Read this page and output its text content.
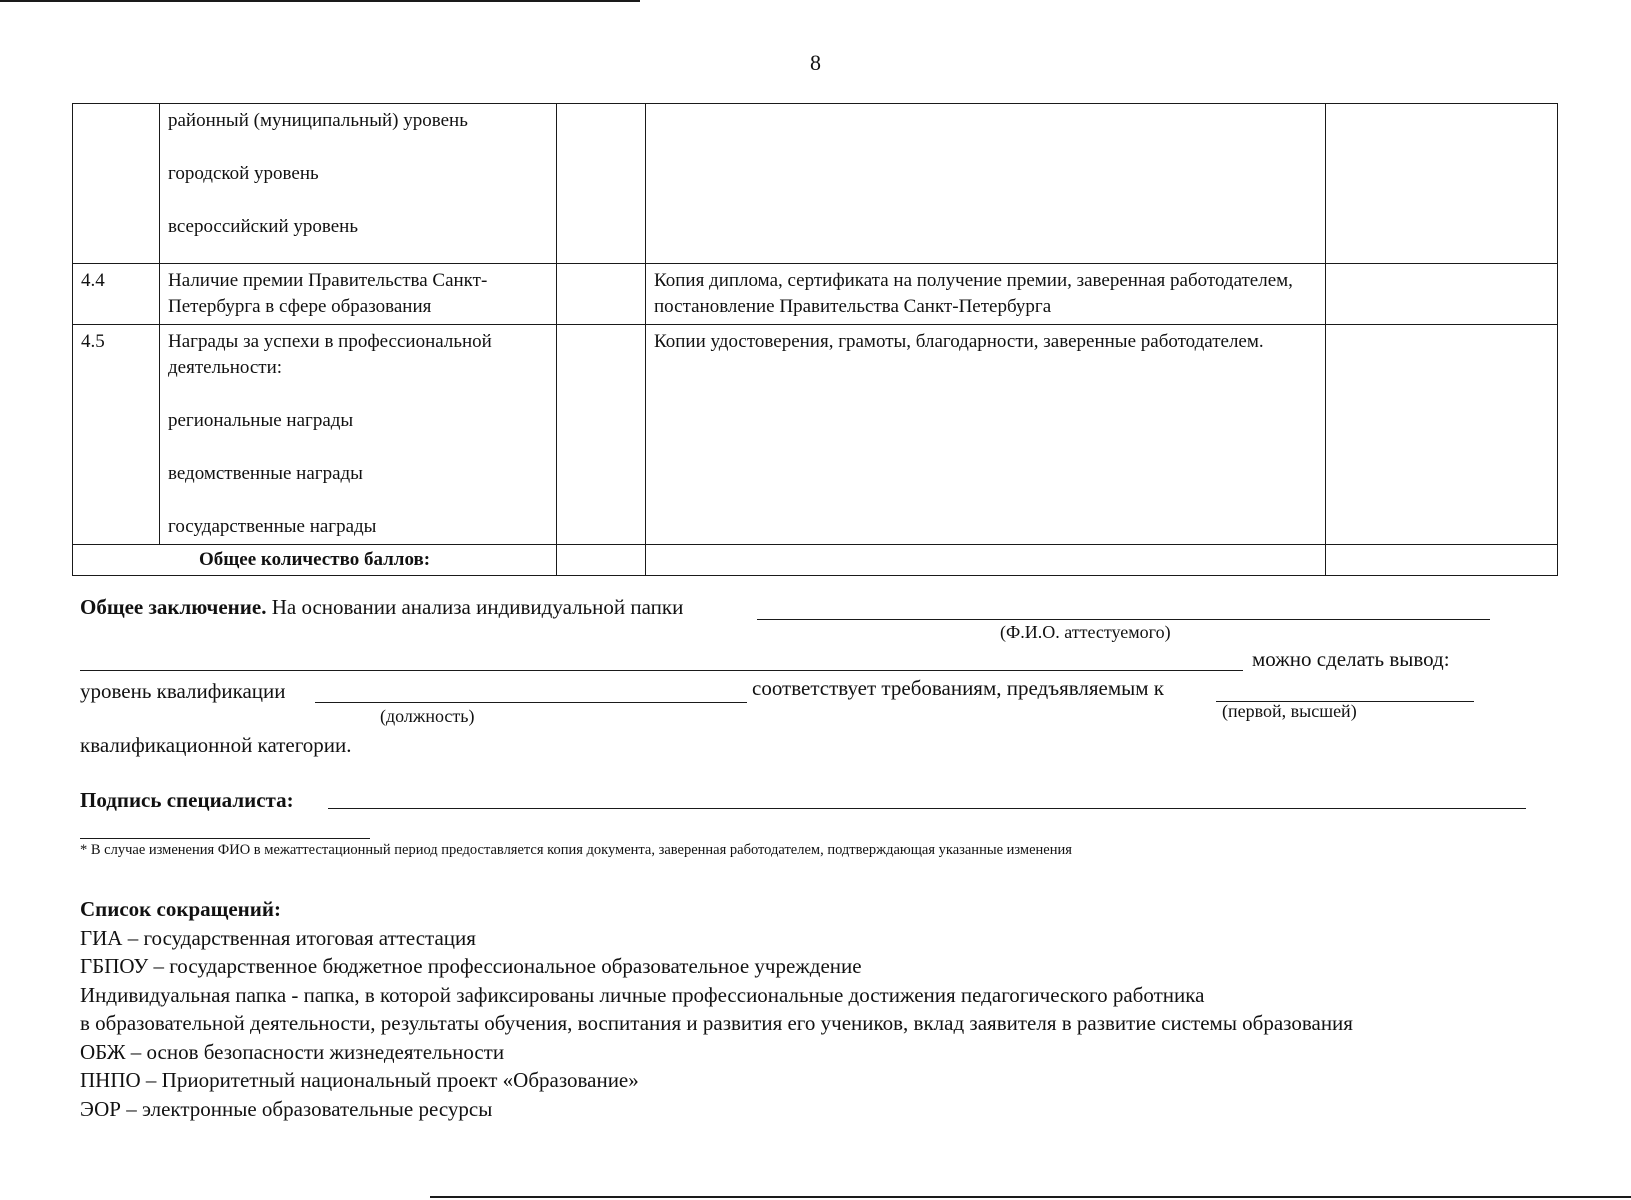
8

	районный (муниципальный) уровень
городской уровень
всероссийский уровень			

4.4	Наличие премии Правительства Санкт-Петербурга в сфере образования		Копия диплома, сертификата на получение премии, заверенная работодателем, постановление Правительства Санкт-Петербурга	
4.5	Награды за успехи в профессиональной деятельности:
региональные награды
ведомственные награды
государственные награды		Копии удостоверения, грамоты, благодарности, заверенные работодателем.	
Общее количество баллов:				
Общее заключение. На основании анализа индивидуальной папки
(Ф.И.О. аттестуемого)
можно сделать вывод:
уровень квалификации	соответствует требованиям, предъявляемым к
(должность)	(первой, высшей)
квалификационной категории.
Подпись специалиста:
* В случае изменения ФИО в межаттестационный период предоставляется копия документа, заверенная работодателем, подтверждающая указанные изменения
Список сокращений:
ГИА – государственная итоговая аттестация
ГБПОУ – государственное бюджетное профессиональное образовательное учреждение
Индивидуальная папка - папка, в которой зафиксированы личные профессиональные достижения педагогического работника
в образовательной деятельности, результаты обучения, воспитания и развития его учеников, вклад заявителя в развитие системы образования
ОБЖ – основ безопасности жизнедеятельности
ПНПО – Приоритетный национальный проект «Образование»
ЭОР – электронные образовательные ресурсы
